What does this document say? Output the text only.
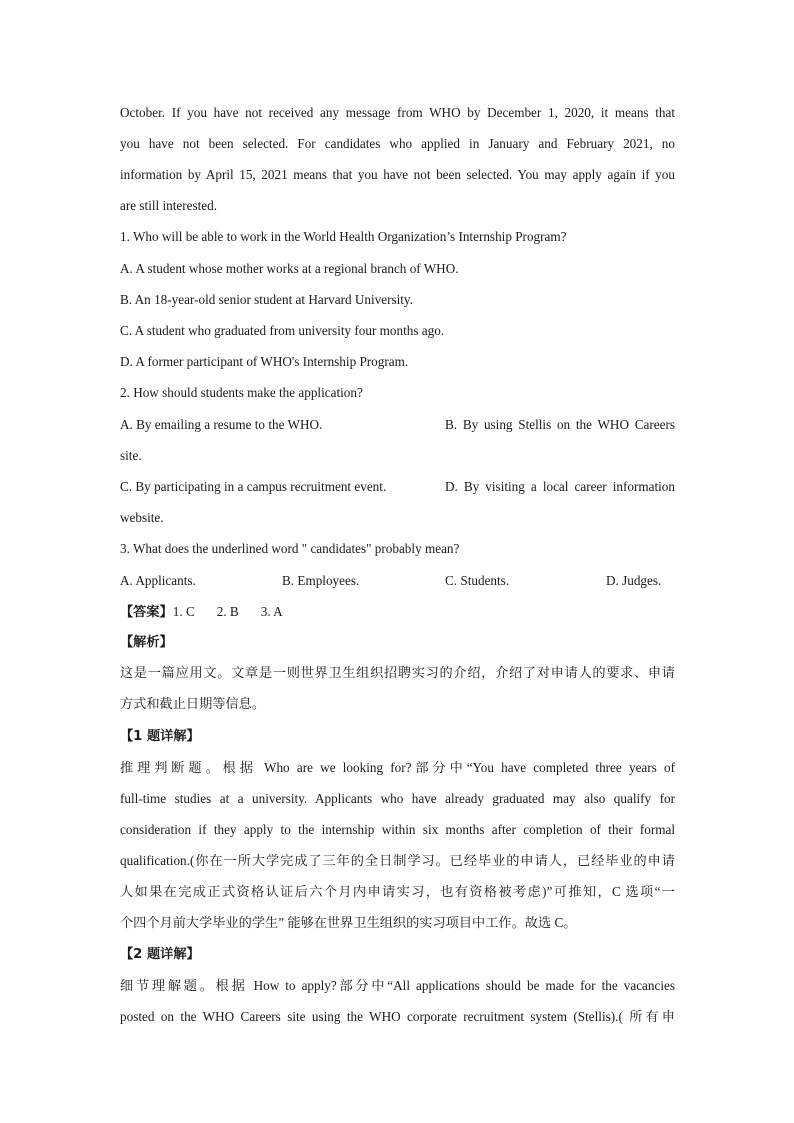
October. If you have not received any message from WHO by December 1, 2020, it means that
you have not been selected. For candidates who applied in January and February 2021, no
information by April 15, 2021 means that you have not been selected. You may apply again if you
are still interested.
1. Who will be able to work in the World Health Organization’s Internship Program?
A. A student whose mother works at a regional branch of WHO.
B. An 18-year-old senior student at Harvard University.
C. A student who graduated from university four months ago.
D. A former participant of WHO's Internship Program.
2. How should students make the application?
A. By emailing a resume to the WHO.	B. By using Stellis on the WHO Careers
site.
C. By participating in a campus recruitment event.	D. By visiting a local career information
website.
3. What does the underlined word " candidates" probably mean?
A. Applicants.	B. Employees.	C. Students.	D. Judges.
【答案】1. C 2. B 3. A
【解析】
这是一篇应用文。文章是一则世界卫生组织招聘实习的介绍，介绍了对申请人的要求、申请
方式和截止日期等信息。
【1 题详解】
推理判断题。根据 Who are we looking for?部分中“You have completed three years of
full-time studies at a university. Applicants who have already graduated may also qualify for
consideration if they apply to the internship within six months after completion of their formal
qualification.(你在一所大学完成了三年的全日制学习。已经毕业的申请人，已经毕业的申请
人如果在完成正式资格认证后六个月内申请实习，也有资格被考虑)”可推知，C 选项“一
个四个月前大学毕业的学生” 能够在世界卫生组织的实习项目中工作。故选 C。
【2 题详解】
细节理解题。根据 How to apply?部分中“All applications should be made for the vacancies
posted on the WHO Careers site using the WHO corporate recruitment system (Stellis).( 所有申
